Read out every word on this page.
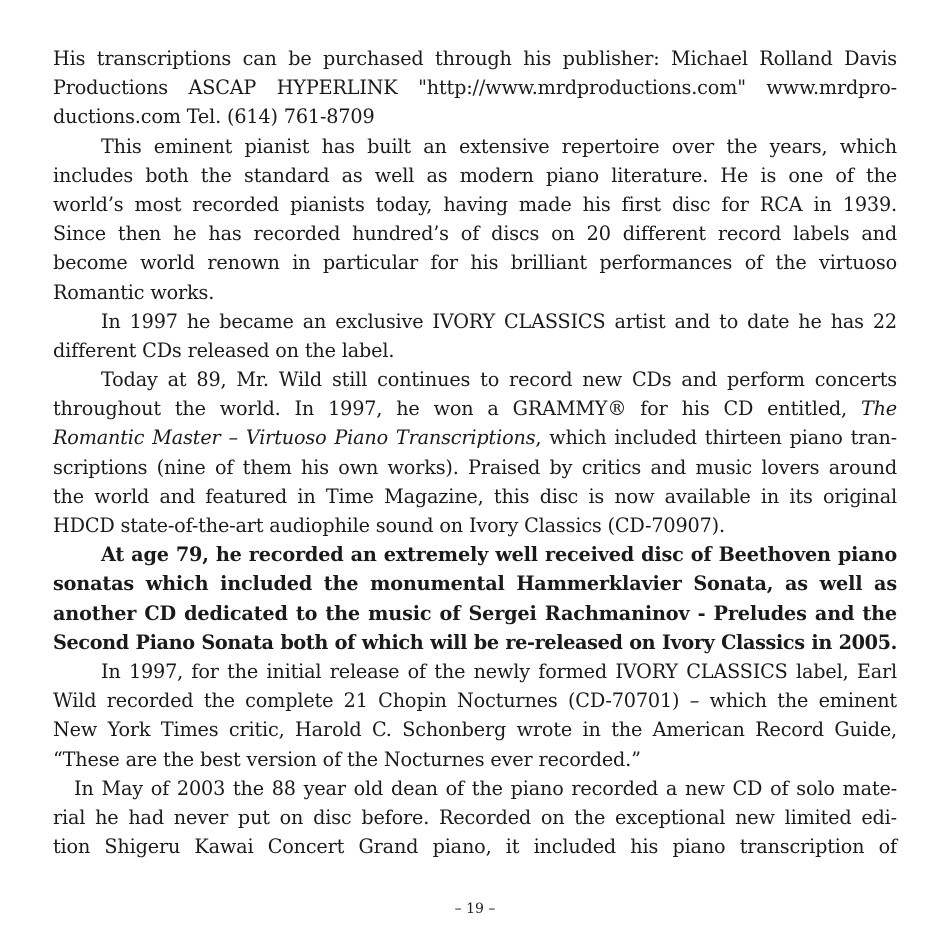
His transcriptions can be purchased through his publisher: Michael Rolland Davis
Productions ASCAP HYPERLINK "http://www.mrdproductions.com" www.mrdpro-
ductions.com Tel. (614) 761-8709
This eminent pianist has built an extensive repertoire over the years, which
includes both the standard as well as modern piano literature. He is one of the
world’s most recorded pianists today, having made his first disc for RCA in 1939.
Since then he has recorded hundred’s of discs on 20 different record labels and
become world renown in particular for his brilliant performances of the virtuoso
Romantic works.
In 1997 he became an exclusive IVORY CLASSICS artist and to date he has 22
different CDs released on the label.
Today at 89, Mr. Wild still continues to record new CDs and perform concerts
throughout the world. In 1997, he won a GRAMMY® for his CD entitled, The
Romantic Master – Virtuoso Piano Transcriptions, which included thirteen piano tran-
scriptions (nine of them his own works). Praised by critics and music lovers around
the world and featured in Time Magazine, this disc is now available in its original
HDCD state-of-the-art audiophile sound on Ivory Classics (CD-70907).
At age 79, he recorded an extremely well received disc of Beethoven piano
sonatas which included the monumental Hammerklavier Sonata, as well as
another CD dedicated to the music of Sergei Rachmaninov - Preludes and the
Second Piano Sonata both of which will be re-released on Ivory Classics in 2005.
In 1997, for the initial release of the newly formed IVORY CLASSICS label, Earl
Wild recorded the complete 21 Chopin Nocturnes (CD-70701) – which the eminent
New York Times critic, Harold C. Schonberg wrote in the American Record Guide,
“These are the best version of the Nocturnes ever recorded.”
In May of 2003 the 88 year old dean of the piano recorded a new CD of solo mate-
rial he had never put on disc before. Recorded on the exceptional new limited edi-
tion Shigeru Kawai Concert Grand piano, it included his piano transcription of
– 19 –
